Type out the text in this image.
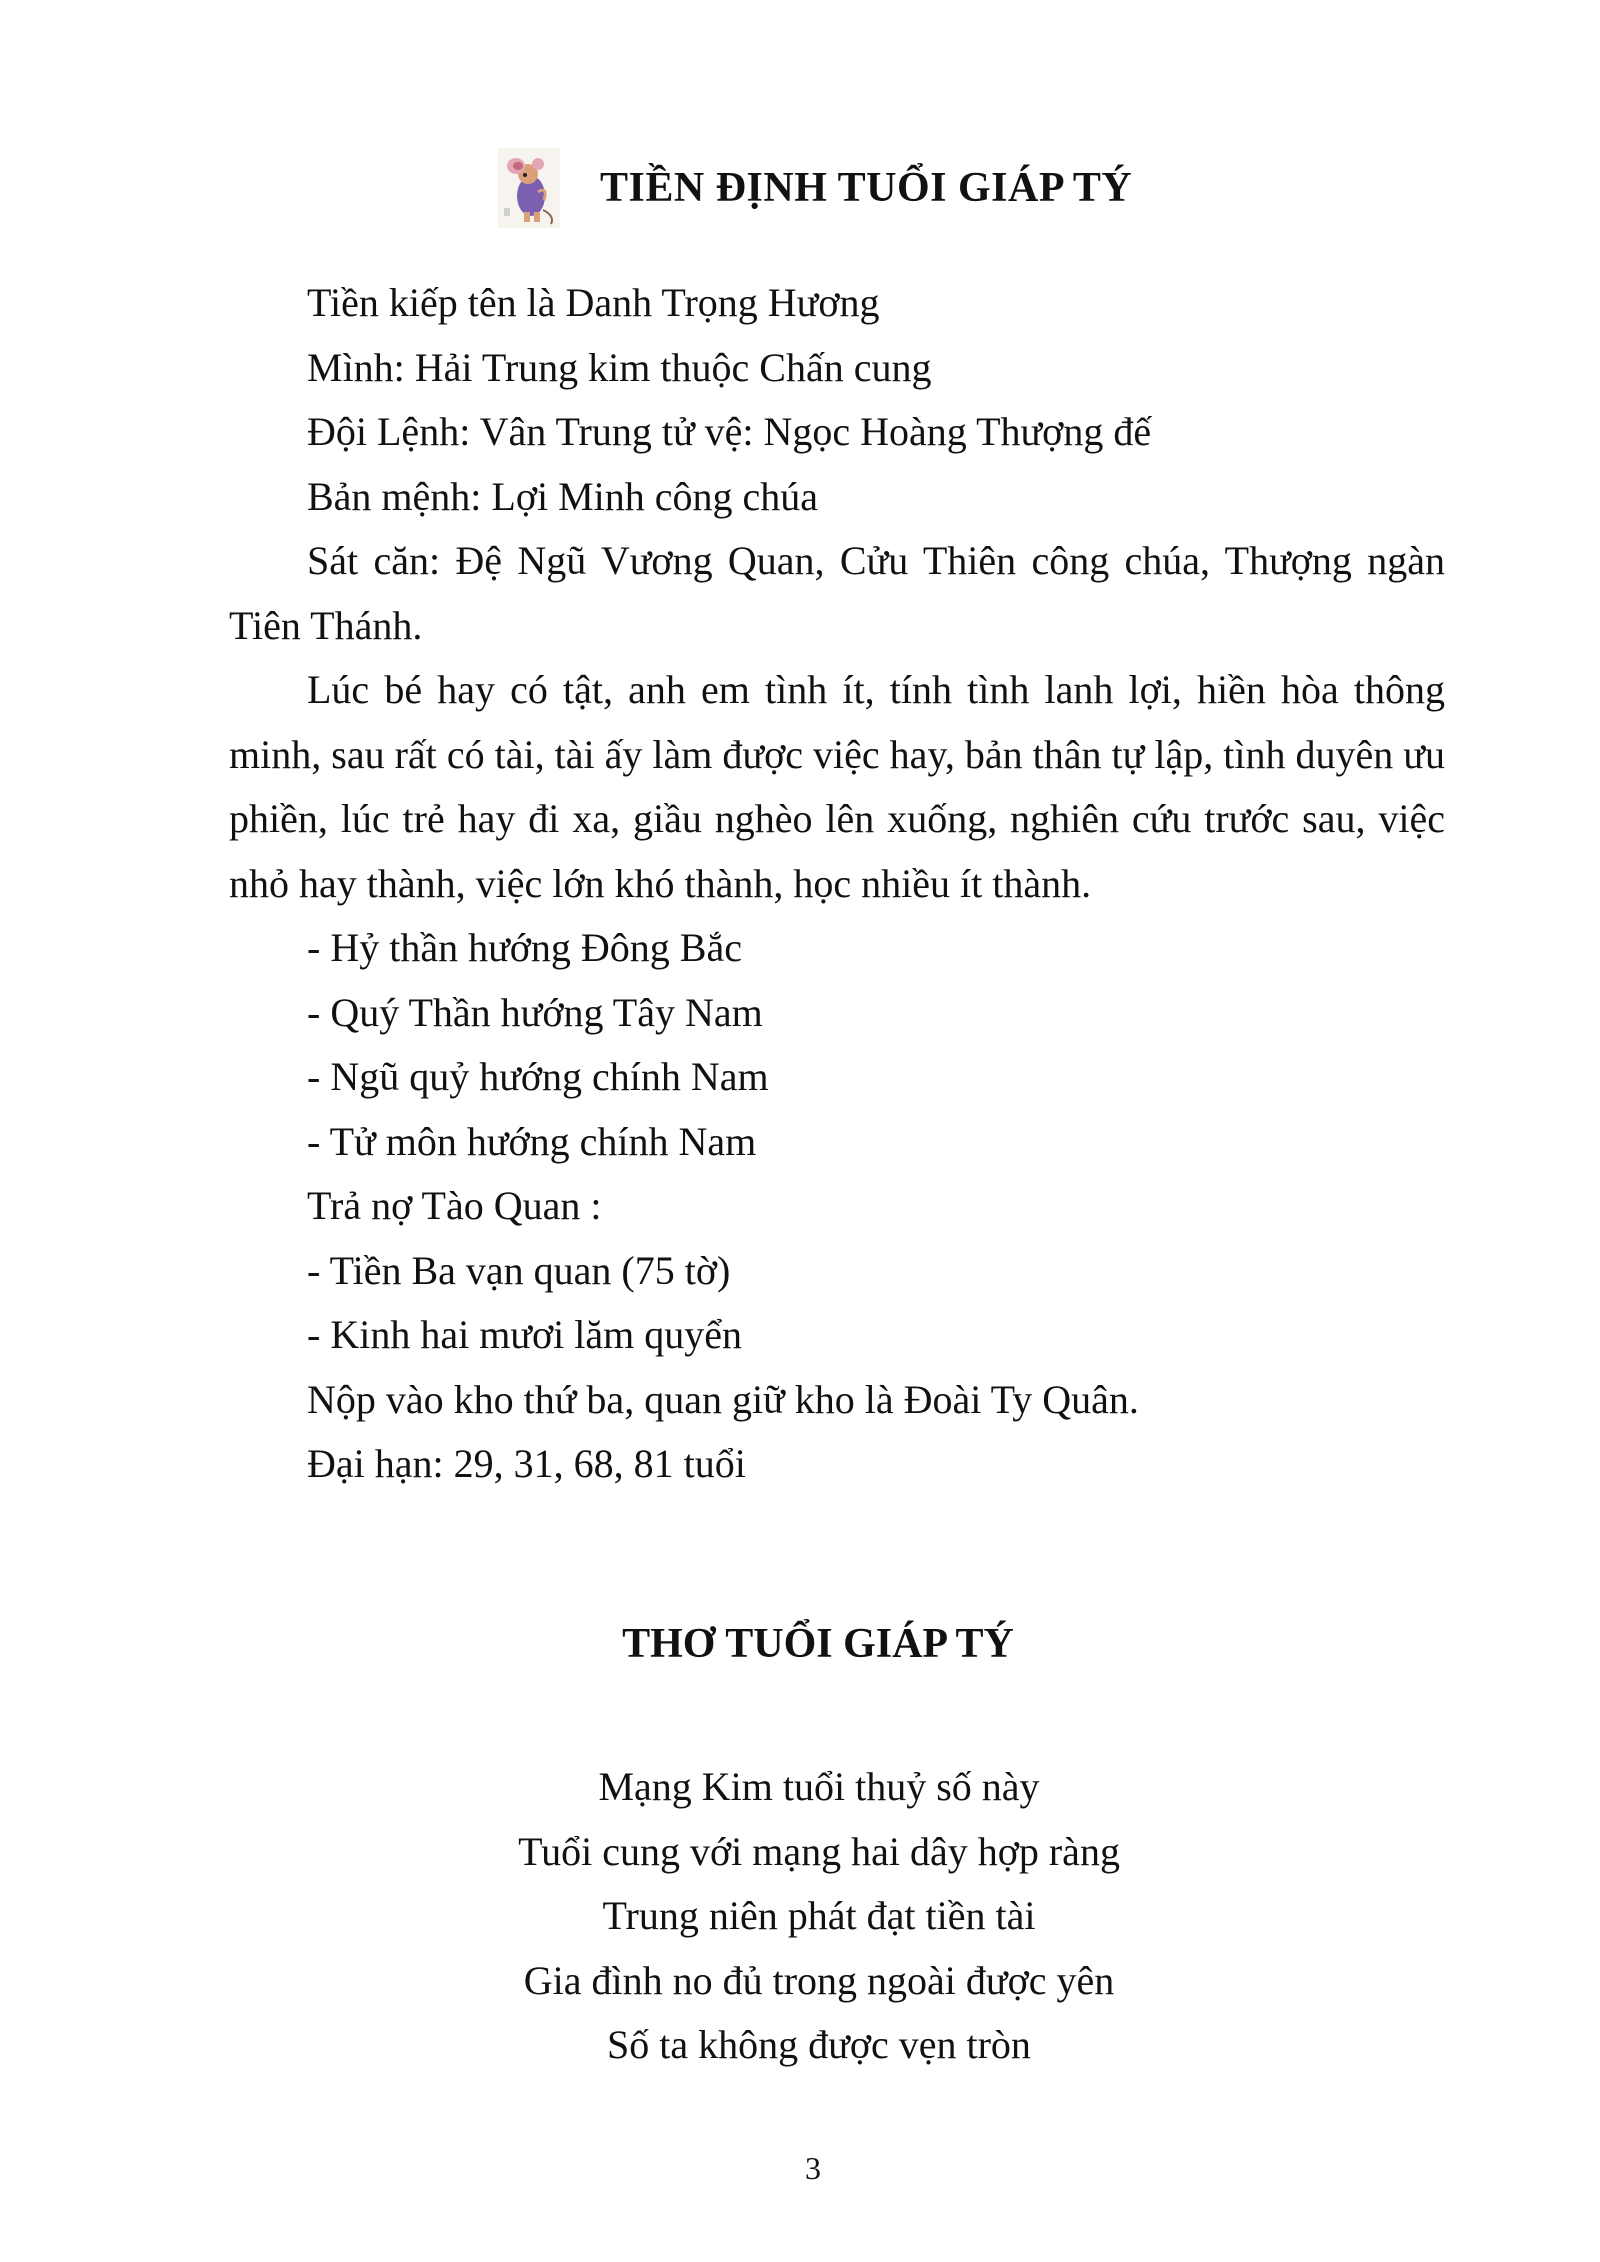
TIỀN ĐỊNH TUỔI GIÁP TÝ
Tiền kiếp tên là Danh Trọng Hương
Mình: Hải Trung kim thuộc Chấn cung
Đội Lệnh: Vân Trung tử vệ: Ngọc Hoàng Thượng đế
Bản mệnh: Lợi Minh công chúa
Sát căn: Đệ Ngũ Vương Quan, Cửu Thiên công chúa, Thượng ngàn Tiên Thánh.
Lúc bé hay có tật, anh em tình ít, tính tình lanh lợi, hiền hòa thông minh, sau rất có tài, tài ấy làm được việc hay, bản thân tự lập, tình duyên ưu phiền, lúc trẻ hay đi xa, giầu nghèo lên xuống, nghiên cứu trước sau, việc nhỏ hay thành, việc lớn khó thành, học nhiều ít thành.
- Hỷ thần hướng Đông Bắc
- Quý Thần hướng Tây Nam
- Ngũ quỷ hướng chính Nam
- Tử môn hướng chính Nam
Trả nợ Tào Quan :
- Tiền Ba vạn quan (75 tờ)
- Kinh hai mươi lăm quyển
Nộp vào kho thứ ba, quan giữ kho là Đoài Ty Quân.
Đại hạn: 29, 31, 68, 81 tuổi
THƠ TUỔI GIÁP TÝ
Mạng Kim tuổi thuỷ số này
Tuổi cung với mạng hai dây hợp ràng
Trung niên phát đạt tiền tài
Gia đình no đủ trong ngoài được yên
Số ta không được vẹn tròn
3
